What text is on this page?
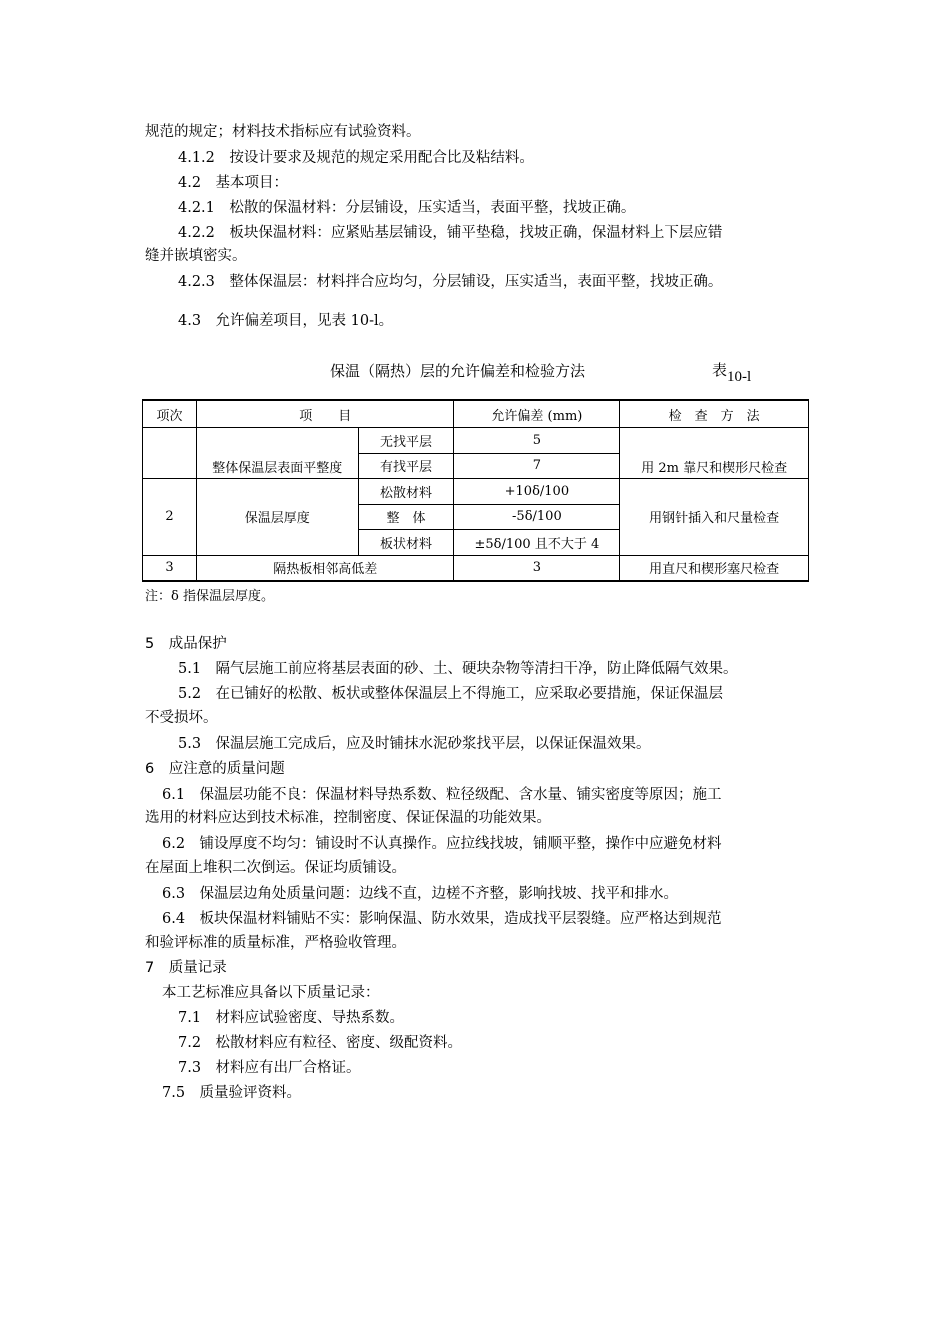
规范的规定；材料技术指标应有试验资料。
4.1.2　按设计要求及规范的规定采用配合比及粘结料。
4.2　基本项目：
4.2.1　松散的保温材料：分层铺设，压实适当，表面平整，找坡正确。
4.2.2　板块保温材料：应紧贴基层铺设，铺平垫稳，找坡正确，保温材料上下层应错
缝并嵌填密实。
4.2.3　整体保温层：材料拌合应均匀，分层铺设，压实适当，表面平整，找坡正确。
4.3　允许偏差项目，见表 10-l。
保温（隔热）层的允许偏差和检验方法	表$_{10-l}$
项次	项　　目		允许偏差 (mm)	检　查　方　法
	整体保温层表面平整度	无找平层	5	用 2m 靠尺和楔形尺检查
		有找平层	7	
2	保温层厚度	松散材料	+10δ/100	用钢针插入和尺量检查
		整　体	-5δ/100	
		板状材料	±5δ/100 且不大于 4	
3	隔热板相邻高低差		3	用直尺和楔形塞尺检查
注：δ 指保温层厚度。
5　成品保护
5.1　隔气层施工前应将基层表面的砂、土、硬块杂物等清扫干净，防止降低隔气效果。
5.2　在已铺好的松散、板状或整体保温层上不得施工，应采取必要措施，保证保温层
不受损坏。
5.3　保温层施工完成后，应及时铺抹水泥砂浆找平层，以保证保温效果。
6　应注意的质量问题
6.1　保温层功能不良：保温材料导热系数、粒径级配、含水量、铺实密度等原因；施工
选用的材料应达到技术标准，控制密度、保证保温的功能效果。
6.2　铺设厚度不均匀：铺设时不认真操作。应拉线找坡，铺顺平整，操作中应避免材料
在屋面上堆积二次倒运。保证均质铺设。
6.3　保温层边角处质量问题：边线不直，边槎不齐整，影响找坡、找平和排水。
6.4　板块保温材料铺贴不实：影响保温、防水效果，造成找平层裂缝。应严格达到规范
和验评标准的质量标准，严格验收管理。
7　质量记录
本工艺标准应具备以下质量记录：
7.1　材料应试验密度、导热系数。
7.2　松散材料应有粒径、密度、级配资料。
7.3　材料应有出厂合格证。
7.5　质量验评资料。
